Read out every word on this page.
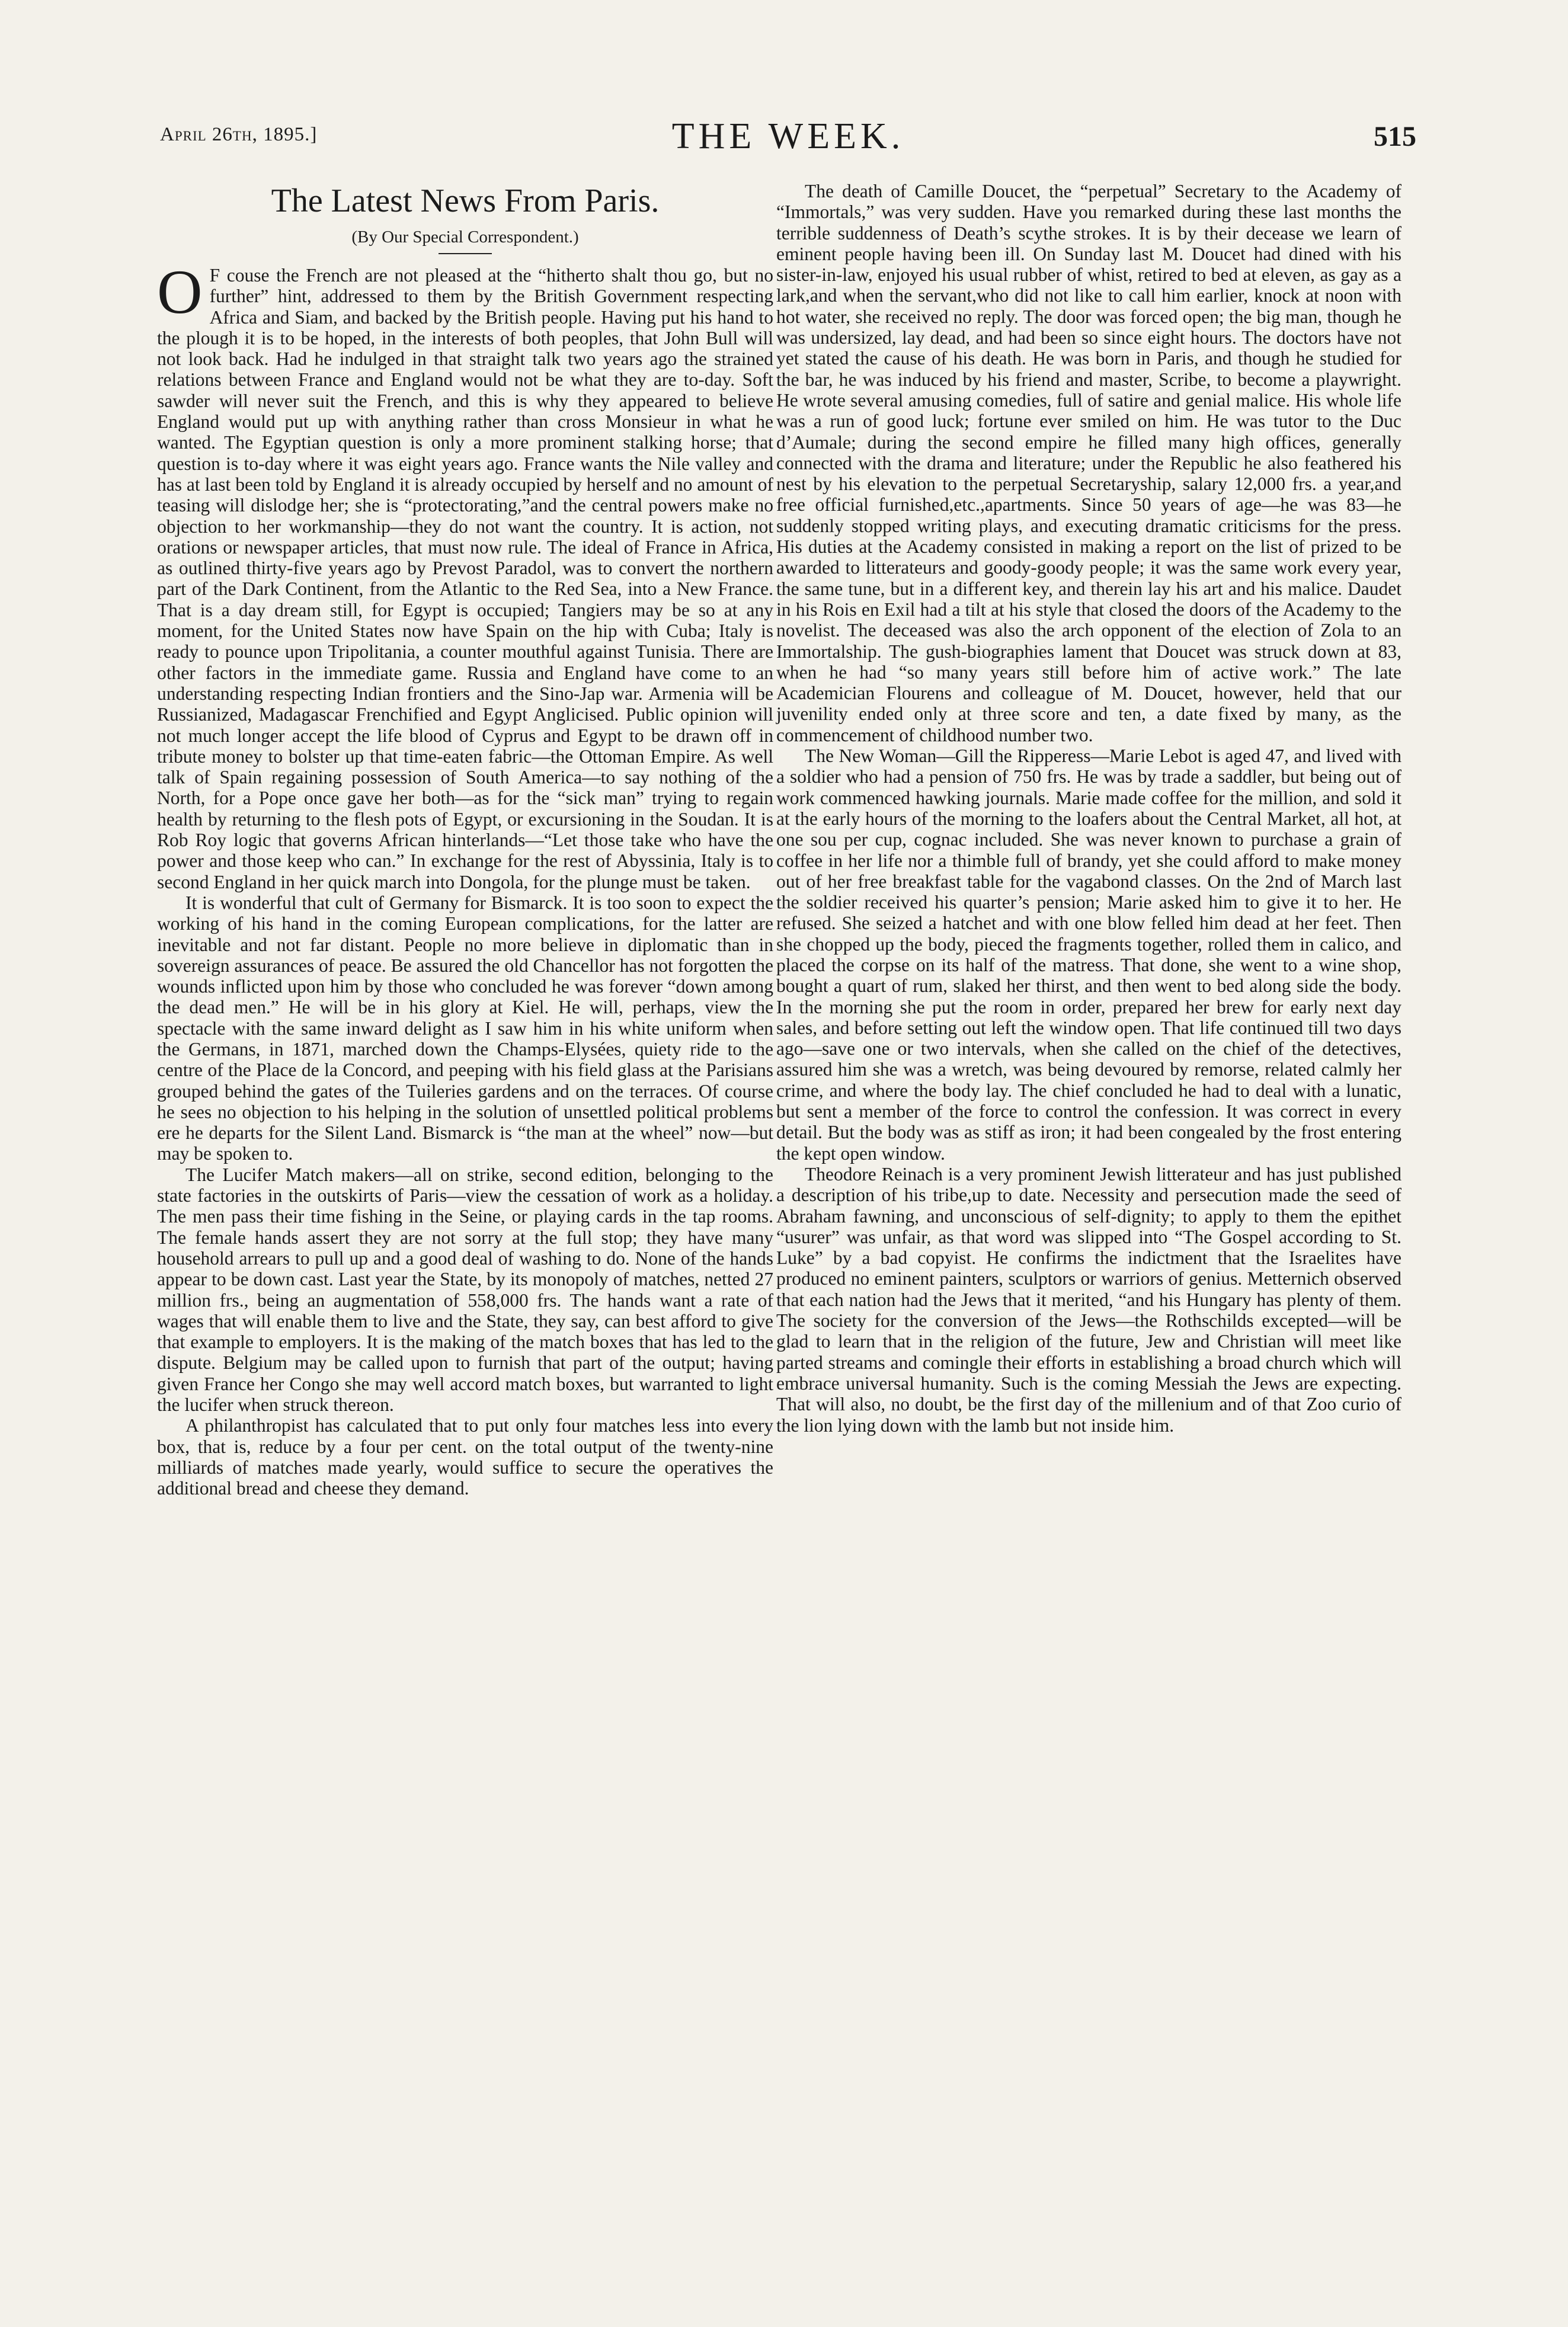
April 26th, 1895.]	THE WEEK.	515
The Latest News From Paris.

(By Our Special Correspondent.)

O F couse the French are not pleased at the “hitherto shalt thou go, but no further” hint, addressed to them by the British Government respecting Africa and Siam, and backed by the British people. Having put his hand to the plough it is to be hoped, in the interests of both peoples, that John Bull will not look back. Had he indulged in that straight talk two years ago the strained relations between France and England would not be what they are to-day. Soft sawder will never suit the French, and this is why they appeared to believe England would put up with anything rather than cross Monsieur in what he wanted. The Egyptian question is only a more prominent stalking horse; that question is to-day where it was eight years ago. France wants the Nile valley and has at last been told by England it is already occupied by herself and no amount of teasing will dislodge her; she is “protectorating,”and the central powers make no objection to her workmanship—they do not want the country. It is action, not orations or newspaper articles, that must now rule. The ideal of France in Africa, as outlined thirty-five years ago by Prevost Paradol, was to convert the northern part of the Dark Continent, from the Atlantic to the Red Sea, into a New France. That is a day dream still, for Egypt is occupied; Tangiers may be so at any moment, for the United States now have Spain on the hip with Cuba; Italy is ready to pounce upon Tripolitania, a counter mouthful against Tunisia. There are other factors in the immediate game. Russia and England have come to an understanding respecting Indian frontiers and the Sino-Jap war. Armenia will be Russianized, Madagascar Frenchified and Egypt Anglicised. Public opinion will not much longer accept the life blood of Cyprus and Egypt to be drawn off in tribute money to bolster up that time-eaten fabric—the Ottoman Empire. As well talk of Spain regaining possession of South America—to say nothing of the North, for a Pope once gave her both—as for the “sick man” trying to regain health by returning to the flesh pots of Egypt, or excursioning in the Soudan. It is Rob Roy logic that governs African hinterlands—“Let those take who have the power and those keep who can.” In exchange for the rest of Abyssinia, Italy is to second England in her quick march into Dongola, for the plunge must be taken.

It is wonderful that cult of Germany for Bismarck. It is too soon to expect the working of his hand in the coming European complications, for the latter are inevitable and not far distant. People no more believe in diplomatic than in sovereign assurances of peace. Be assured the old Chancellor has not forgotten the wounds inflicted upon him by those who concluded he was forever “down among the dead men.” He will be in his glory at Kiel. He will, perhaps, view the spectacle with the same inward delight as I saw him in his white uniform when the Germans, in 1871, marched down the Champs-Elysées, quiety ride to the centre of the Place de la Concord, and peeping with his field glass at the Parisians grouped behind the gates of the Tuileries gardens and on the terraces. Of course he sees no objection to his helping in the solution of unsettled political problems ere he departs for the Silent Land. Bismarck is “the man at the wheel” now—but may be spoken to.

The Lucifer Match makers—all on strike, second edition, belonging to the state factories in the outskirts of Paris—view the cessation of work as a holiday. The men pass their time fishing in the Seine, or playing cards in the tap rooms. The female hands assert they are not sorry at the full stop; they have many household arrears to pull up and a good deal of washing to do. None of the hands appear to be down cast. Last year the State, by its monopoly of matches, netted 27 million frs., being an augmentation of 558,000 frs. The hands want a rate of wages that will enable them to live and the State, they say, can best afford to give that example to employers. It is the making of the match boxes that has led to the dispute. Belgium may be called upon to furnish that part of the output; having given France her Congo she may well accord match boxes, but warranted to light the lucifer when struck thereon.

A philanthropist has calculated that to put only four matches less into every box, that is, reduce by a four per cent. on the total output of the twenty-nine milliards of matches made yearly, would suffice to secure the operatives the additional bread and cheese they demand.

The death of Camille Doucet, the “perpetual” Secretary to the Academy of “Immortals,” was very sudden. Have you remarked during these last months the terrible suddenness of Death’s scythe strokes. It is by their decease we learn of eminent people having been ill. On Sunday last M. Doucet had dined with his sister-in-law, enjoyed his usual rubber of whist, retired to bed at eleven, as gay as a lark,and when the servant,who did not like to call him earlier, knock at noon with hot water, she received no reply. The door was forced open; the big man, though he was undersized, lay dead, and had been so since eight hours. The doctors have not yet stated the cause of his death. He was born in Paris, and though he studied for the bar, he was induced by his friend and master, Scribe, to become a playwright. He wrote several amusing comedies, full of satire and genial malice. His whole life was a run of good luck; fortune ever smiled on him. He was tutor to the Duc d’Aumale; during the second empire he filled many high offices, generally connected with the drama and literature; under the Republic he also feathered his nest by his elevation to the perpetual Secretaryship, salary 12,000 frs. a year,and free official furnished,etc.,apartments. Since 50 years of age—he was 83—he suddenly stopped writing plays, and executing dramatic criticisms for the press. His duties at the Academy consisted in making a report on the list of prized to be awarded to litterateurs and goody-goody people; it was the same work every year, the same tune, but in a different key, and therein lay his art and his malice. Daudet in his Rois en Exil had a tilt at his style that closed the doors of the Academy to the novelist. The deceased was also the arch opponent of the election of Zola to an Immortalship. The gush-biographies lament that Doucet was struck down at 83, when he had “so many years still before him of active work.” The late Academician Flourens and colleague of M. Doucet, however, held that our juvenility ended only at three score and ten, a date fixed by many, as the commencement of childhood number two.

The New Woman—Gill the Ripperess—Marie Lebot is aged 47, and lived with a soldier who had a pension of 750 frs. He was by trade a saddler, but being out of work commenced hawking journals. Marie made coffee for the million, and sold it at the early hours of the morning to the loafers about the Central Market, all hot, at one sou per cup, cognac included. She was never known to purchase a grain of coffee in her life nor a thimble full of brandy, yet she could afford to make money out of her free breakfast table for the vagabond classes. On the 2nd of March last the soldier received his quarter’s pension; Marie asked him to give it to her. He refused. She seized a hatchet and with one blow felled him dead at her feet. Then she chopped up the body, pieced the fragments together, rolled them in calico, and placed the corpse on its half of the matress. That done, she went to a wine shop, bought a quart of rum, slaked her thirst, and then went to bed along side the body. In the morning she put the room in order, prepared her brew for early next day sales, and before setting out left the window open. That life continued till two days ago—save one or two intervals, when she called on the chief of the detectives, assured him she was a wretch, was being devoured by remorse, related calmly her crime, and where the body lay. The chief concluded he had to deal with a lunatic, but sent a member of the force to control the confession. It was correct in every detail. But the body was as stiff as iron; it had been congealed by the frost entering the kept open window.

Theodore Reinach is a very prominent Jewish litterateur and has just published a description of his tribe,up to date. Necessity and persecution made the seed of Abraham fawning, and unconscious of self-dignity; to apply to them the epithet “usurer” was unfair, as that word was slipped into “The Gospel according to St. Luke” by a bad copyist. He confirms the indictment that the Israelites have produced no eminent painters, sculptors or warriors of genius. Metternich observed that each nation had the Jews that it merited, “and his Hungary has plenty of them. The society for the conversion of the Jews—the Rothschilds excepted—will be glad to learn that in the religion of the future, Jew and Christian will meet like parted streams and comingle their efforts in establishing a broad church which will embrace universal humanity. Such is the coming Messiah the Jews are expecting. That will also, no doubt, be the first day of the millenium and of that Zoo curio of the lion lying down with the lamb but not inside him.
